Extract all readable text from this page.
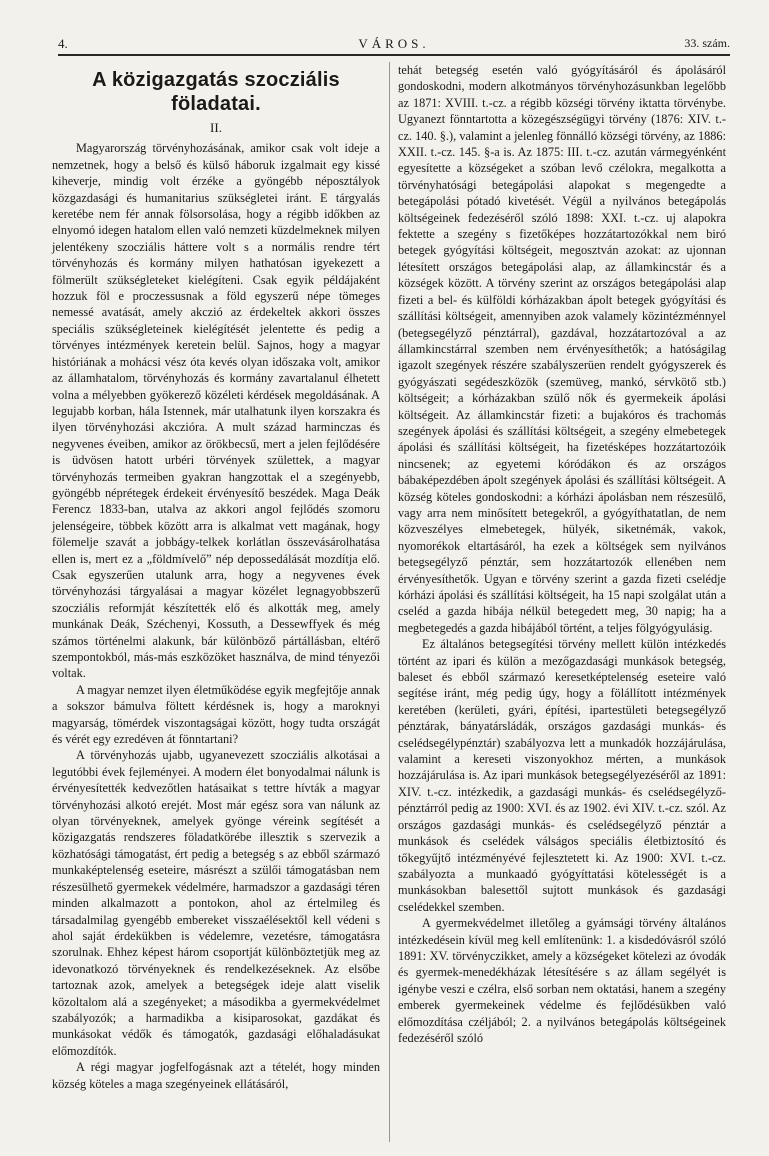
4.	VÁROS.	33. szám.
A közigazgatás szocziális föladatai.
II.

Magyarország törvényhozásának, amikor csak volt ideje a nemzetnek, hogy a belső és külső háboruk izgalmait egy kissé kiheverje, mindig volt érzéke a gyöngébb néposztályok közgazdasági és humanitarius szükségletei iránt. E tárgyalás keretébe nem fér annak fölsorsolása, hogy a régibb időkben az elnyomó idegen hatalom ellen való nemzeti küzdelmeknek milyen jelentékeny szocziális háttere volt s a normális rendre tért törvényhozás és kormány milyen hathatósan igyekezett a fölmerült szükségleteket kielégíteni. Csak egyik példájaként hozzuk föl e proczessusnak a föld egyszerű népe tömeges nemessé avatását, amely akczió az érdekeltek akkori összes speciális szükségleteinek kielégítését jelentette és pedig a törvényes intézmények keretein belül. Sajnos, hogy a magyar históriának a mohácsi vész óta kevés olyan időszaka volt, amikor az államhatalom, törvényhozás és kormány zavartalanul élhetett volna a mélyebben gyökerező közéleti kérdések megoldásának. A legujabb korban, hála Istennek, már utalhatunk ilyen korszakra és ilyen törvényhozási akczióra. A mult század harminczas és negyvenes éveiben, amikor az örökbecsű, mert a jelen fejlődésére is üdvösen hatott urbéri törvények születtek, a magyar törvényhozás termeiben gyakran hangzottak el a szegényebb, gyöngébb néprétegek érdekeit érvényesítő beszédek. Maga Deák Ferencz 1833-ban, utalva az akkori angol fejlődés szomoru jelenségeire, többek között arra is alkalmat vett magának, hogy fölemelje szavát a jobbágy-telkek korlátlan összevásárolhatása ellen is, mert ez a „földmívelő” nép depossedálását mozdítja elő. Csak egyszerűen utalunk arra, hogy a negyvenes évek törvényhozási tárgyalásai a magyar közélet legnagyobbszerű szocziális reformját készítették elő és alkották meg, amely munkának Deák, Széchenyi, Kossuth, a Dessewffyek és még számos történelmi alakunk, bár különböző pártállásban, eltérő szempontokból, más-más eszközöket használva, de mind tényezői voltak.

A magyar nemzet ilyen életműködése egyik megfejtője annak a sokszor bámulva föltett kérdésnek is, hogy a maroknyi magyarság, tömérdek viszontagságai között, hogy tudta országát és vérét egy ezredéven át fönntartani?

A törvényhozás ujabb, ugyanevezett szocziális alkotásai a legutóbbi évek fejleményei. A modern élet bonyodalmai nálunk is érvényesítették kedvezőtlen hatásaikat s tettre hívták a magyar törvényhozási alkotó erejét. Most már egész sora van nálunk az olyan törvényeknek, amelyek gyönge véreink segítését a közigazgatás rendszeres föladatkörébe illesztik s szervezik a közhatósági támogatást, ért pedig a betegség s az ebből származó munkaképtelenség eseteire, másrészt a szülői támogatásban nem részesülhető gyermekek védelmére, harmadszor a gazdasági téren minden alkalmazott a pontokon, ahol az értelmileg és társadalmilag gyengébb embereket visszaélésektől kell védeni s ahol saját érdekükben is védelemre, vezetésre, támogatásra szorulnak. Ehhez képest három csoportját különböztetjük meg az idevonatkozó törvényeknek és rendelkezéseknek. Az elsőbe tartoznak azok, amelyek a betegségek ideje alatt viselik közoltalom alá a szegényeket; a másodikba a gyermekvédelmet szabályozók; a harmadikba a kisiparosokat, gazdákat és munkásokat védők és támogatók, gazdasági előhaladásukat előmozdítók.

A régi magyar jogfelfogásnak azt a tételét, hogy minden község köteles a maga szegényeinek ellátásáról,

tehát betegség esetén való gyógyításáról és ápolásáról gondoskodni, modern alkotmányos törvényhozásunkban legelőbb az 1871: XVIII. t.-cz. a régibb községi törvény iktatta törvénybe. Ugyanezt fönntartotta a közegészségügyi törvény (1876: XIV. t.-cz. 140. §.), valamint a jelenleg fönnálló községi törvény, az 1886: XXII. t.-cz. 145. §-a is. Az 1875: III. t.-cz. azután vármegyénként egyesítette a községeket a szóban levő czélokra, megalkotta a törvényhatósági betegápolási alapokat s megengedte a betegápolási pótadó kivetését. Végül a nyilvános betegápolás költségeinek fedezéséről szóló 1898: XXI. t.-cz. uj alapokra fektette a szegény s fizetőképes hozzátartozókkal nem biró betegek gyógyítási költségeit, megosztván azokat: az ujonnan létesített országos betegápolási alap, az államkincstár és a községek között. A törvény szerint az országos betegápolási alap fizeti a bel- és külföldi kórházakban ápolt betegek gyógyítási és szállítási költségeit, amennyiben azok valamely közintézménnyel (betegsegélyző pénztárral), gazdával, hozzátartozóval a az államkincstárral szemben nem érvényesíthetők; a hatóságilag igazolt szegények részére szabályszerüen rendelt gyógyszerek és gyógyászati segédeszközök (szemüveg, mankó, sérvkötő stb.) költségeit; a kórházakban szülő nők és gyermekeik ápolási költségeit. Az államkincstár fizeti: a bujakóros és trachomás szegények ápolási és szállítási költségeit, a szegény elmebetegek ápolási és szállítási költségeit, ha fizetésképes hozzátartozóik nincsenek; az egyetemi kóródákon és az országos bábaképezdében ápolt szegények ápolási és szállítási költségeit. A község köteles gondoskodni: a kórházi ápolásban nem részesülő, vagy arra nem minősített betegekről, a gyógyíthatatlan, de nem közveszélyes elmebetegek, hülyék, siketnémák, vakok, nyomorékok eltartásáról, ha ezek a költségek sem nyilvános betegsegélyző pénztár, sem hozzátartozók ellenében nem érvényesíthetők. Ugyan e törvény szerint a gazda fizeti cselédje kórházi ápolási és szállítási költségeit, ha 15 napi szolgálat után a cseléd a gazda hibája nélkül betegedett meg, 30 napig; ha a megbetegedés a gazda hibájából történt, a teljes fölgyógyulásig.

Ez általános betegsegítési törvény mellett külön intézkedés történt az ipari és külön a mezőgazdasági munkások betegség, baleset és ebből származó keresetképtelenség eseteire való segítése iránt, még pedig úgy, hogy a fölállított intézmények keretében (kerületi, gyári, építési, ipartestületi betegsegélyző pénztárak, bányatársládák, országos gazdasági munkás- és cselédsegélypénztár) szabályozva lett a munkadók hozzájárulása, valamint a kereseti viszonyokhoz mérten, a munkások hozzájárulása is. Az ipari munkások betegsegélyezéséről az 1891: XIV. t.-cz. intézkedik, a gazdasági munkás- és cselédsegélyző-pénztárról pedig az 1900: XVI. és az 1902. évi XIV. t.-cz. szól. Az országos gazdasági munkás- és cselédsegélyző pénztár a munkások és cselédek válságos speciális életbiztosító és tőkegyűjtő intézményévé fejlesztetett ki. Az 1900: XVI. t.-cz. szabályozta a munkaadó gyógyíttatási kötelességét is a munkásokban balesettől sujtott munkások és gazdasági cselédekkel szemben.

A gyermekvédelmet illetőleg a gyámsági törvény általános intézkedésein kívül meg kell említenünk: 1. a kisdedóvásról szóló 1891: XV. törvényczikket, amely a községeket kötelezi az óvodák és gyermek-menedékházak létesítésére s az állam segélyét is igénybe veszi e czélra, első sorban nem oktatási, hanem a szegény emberek gyermekeinek védelme és fejlődésükben való előmozdítása czéljából; 2. a nyilvános betegápolás költségeinek fedezéséről szóló
